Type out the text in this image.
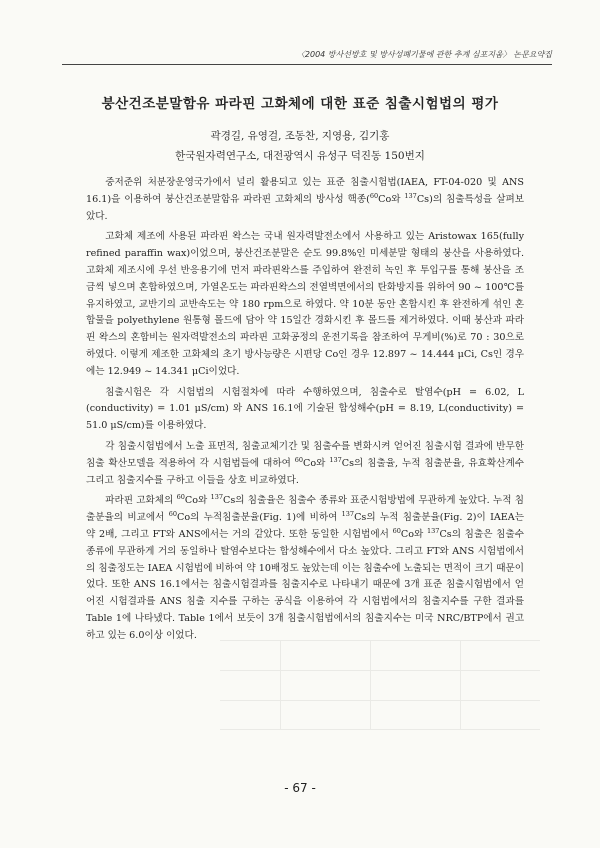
〈2004 방사선방호 및 방사성폐기물에 관한 추계 심포지움〉 논문요약집
붕산건조분말함유 파라핀 고화체에 대한 표준 침출시험법의 평가
곽경길, 유영걸, 조동찬, 지영용, 김기홍
한국원자력연구소, 대전광역시 유성구 덕진동 150번지

중저준위 처분장운영국가에서 널리 활용되고 있는 표준 침출시험법(IAEA, FT-04-020 및 ANS 16.1)을 이용하여 붕산건조분말함유 파라핀 고화체의 방사성 핵종($^{60}$Co와 $^{137}$Cs)의 침출특성을 살펴보았다.

고화체 제조에 사용된 파라핀 왁스는 국내 원자력발전소에서 사용하고 있는 Aristowax 165(fully refined paraffin wax)이었으며, 붕산건조분말은 순도 99.8%인 미세분말 형태의 붕산을 사용하였다. 고화체 제조시에 우선 반응용기에 먼저 파라핀왁스를 주입하여 완전히 녹인 후 투입구를 통해 붕산을 조금씩 넣으며 혼합하였으며, 가열온도는 파라핀왁스의 전열벽면에서의 탄화방지를 위하여 90 ~ 100℃를 유지하였고, 교반기의 교반속도는 약 180 rpm으로 하였다. 약 10분 동안 혼합시킨 후 완전하게 섞인 혼합물을 polyethylene 원통형 몰드에 담아 약 15일간 경화시킨 후 몰드를 제거하였다. 이때 붕산과 파라핀 왁스의 혼합비는 원자력발전소의 파라핀 고화공정의 운전기록을 참조하여 무게비(%)로 70 : 30으로 하였다. 이렇게 제조한 고화체의 초기 방사능량은 시편당 Co인 경우 12.897 ~ 14.444 μCi, Cs인 경우에는 12.949 ~ 14.341 μCi이었다.

침출시험은 각 시험법의 시험절차에 따라 수행하였으며, 침출수로 탈염수(pH = 6.02, L (conductivity) = 1.01 μS/cm) 와 ANS 16.1에 기술된 합성해수(pH = 8.19, L(conductivity) = 51.0 μS/cm)를 이용하였다.

각 침출시험법에서 노출 표면적, 침출교체기간 및 침출수를 변화시켜 얻어진 침출시험 결과에 반무한 침출 확산모델을 적용하여 각 시험법들에 대하여 $^{60}$Co와 $^{137}$Cs의 침출율, 누적 침출분율, 유효확산계수 그리고 침출지수를 구하고 이들을 상호 비교하였다.

파라핀 고화체의 $^{60}$Co와 $^{137}$Cs의 침출율은 침출수 종류와 표준시험방법에 무관하게 높았다. 누적 침출분율의 비교에서 $^{60}$Co의 누적침출분율(Fig. 1)에 비하여 $^{137}$Cs의 누적 침출분율(Fig. 2)이 IAEA는 약 2배, 그리고 FT와 ANS에서는 거의 같았다. 또한 동일한 시험법에서 $^{60}$Co와 $^{137}$Cs의 침출은 침출수 종류에 무관하게 거의 동일하나 탈염수보다는 합성해수에서 다소 높았다. 그리고 FT와 ANS 시험법에서의 침출정도는 IAEA 시험법에 비하여 약 10배정도 높았는데 이는 침출수에 노출되는 면적이 크기 때문이었다. 또한 ANS 16.1에서는 침출시험결과를 침출지수로 나타내기 때문에 3개 표준 침출시험법에서 얻어진 시험결과를 ANS 침출 지수를 구하는 공식을 이용하여 각 시험법에서의 침출지수를 구한 결과를 Table 1에 나타냈다. Table 1에서 보듯이 3개 침출시험법에서의 침출지수는 미국 NRC/BTP에서 권고하고 있는 6.0이상 이었다.

- 67 -
